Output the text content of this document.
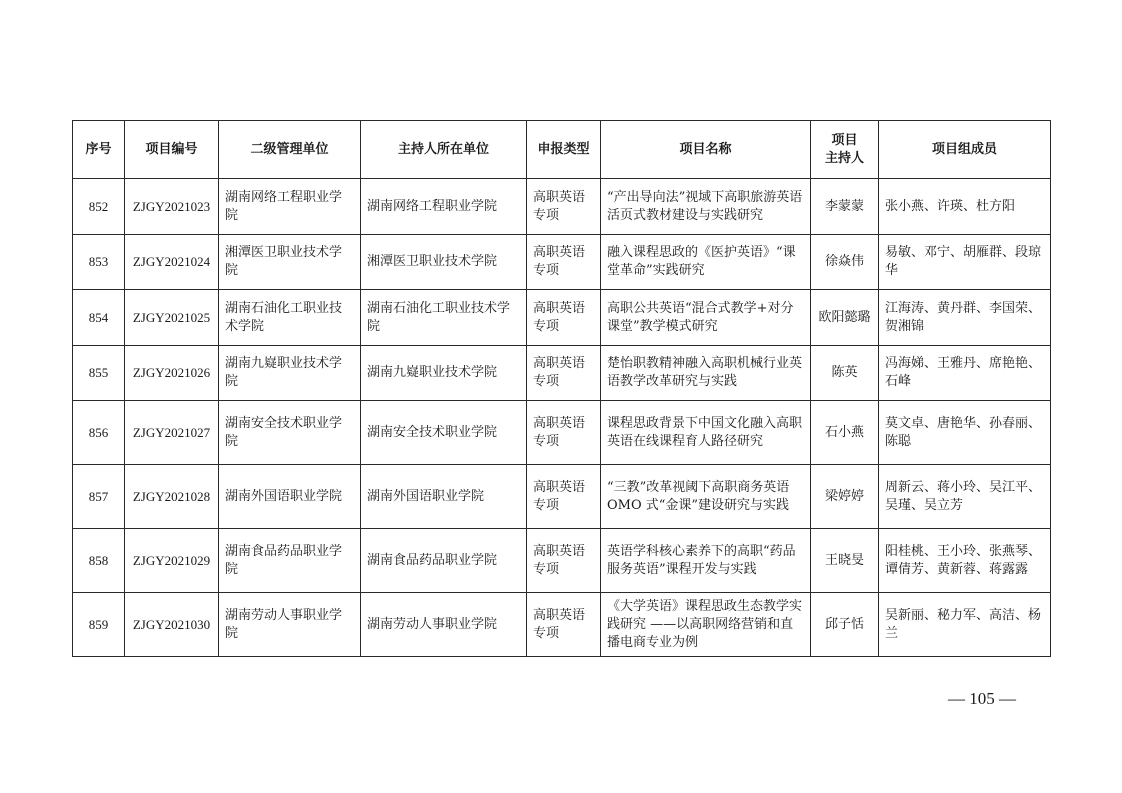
序号	项目编号	二级管理单位	主持人所在单位	申报类型	项目名称	项目
主持人	项目组成员
852	ZJGY2021023	湖南网络工程职业学院	湖南网络工程职业学院	高职英语专项	“产出导向法”视域下高职旅游英语活页式教材建设与实践研究	李蒙蒙	张小燕、许瑛、杜方阳
853	ZJGY2021024	湘潭医卫职业技术学院	湘潭医卫职业技术学院	高职英语专项	融入课程思政的《医护英语》“课堂革命”实践研究	徐焱伟	易敏、邓宁、胡雁群、段琼华
854	ZJGY2021025	湖南石油化工职业技术学院	湖南石油化工职业技术学院	高职英语专项	高职公共英语“混合式教学+对分课堂”教学模式研究	欧阳懿璐	江海涛、黄丹群、李国荣、贺湘锦
855	ZJGY2021026	湖南九嶷职业技术学院	湖南九嶷职业技术学院	高职英语专项	楚怡职教精神融入高职机械行业英语教学改革研究与实践	陈英	冯海娣、王雅丹、席艳艳、石峰
856	ZJGY2021027	湖南安全技术职业学院	湖南安全技术职业学院	高职英语专项	课程思政背景下中国文化融入高职英语在线课程育人路径研究	石小燕	莫文卓、唐艳华、孙春丽、陈聪
857	ZJGY2021028	湖南外国语职业学院	湖南外国语职业学院	高职英语专项	“三教”改革视阈下高职商务英语 OMO 式“金课”建设研究与实践	梁婷婷	周新云、蒋小玲、吴江平、吴瑾、吴立芳
858	ZJGY2021029	湖南食品药品职业学院	湖南食品药品职业学院	高职英语专项	英语学科核心素养下的高职“药品服务英语”课程开发与实践	王晓旻	阳桂桃、王小玲、张燕琴、谭倩芳、黄新蓉、蒋露露
859	ZJGY2021030	湖南劳动人事职业学院	湖南劳动人事职业学院	高职英语专项	《大学英语》课程思政生态教学实践研究 ——以高职网络营销和直播电商专业为例	邱子恬	吴新丽、秘力军、高洁、杨兰
— 105 —
